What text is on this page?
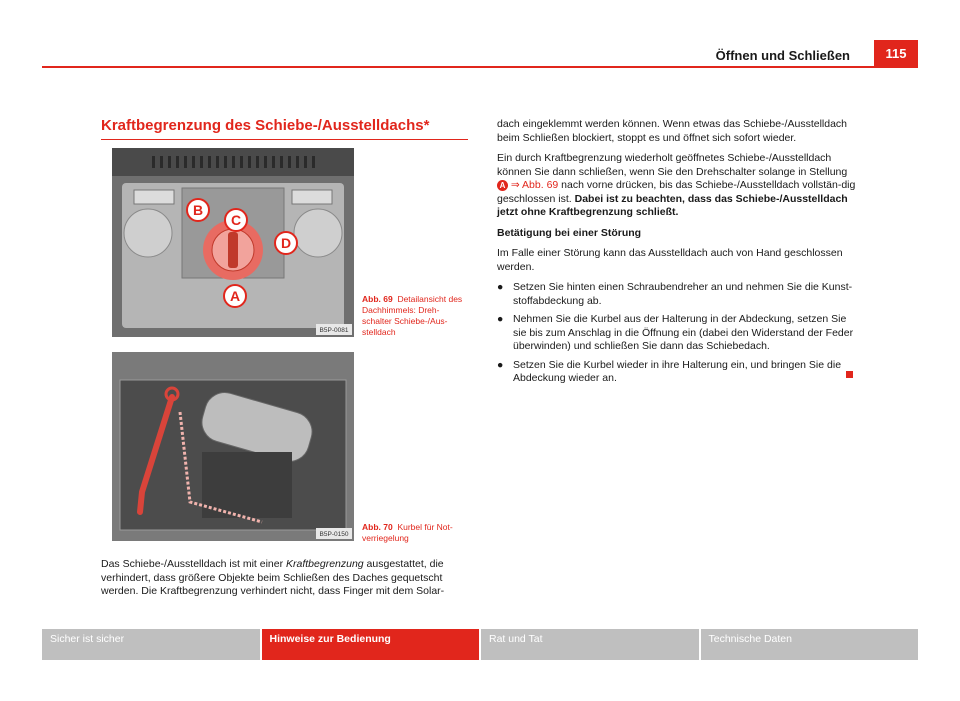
Öffnen und Schließen	115
Kraftbegrenzung des Schiebe-/Ausstelldachs*
C
B
D
A
B5P-0081
Abb. 69 Detailansicht des Dachhimmels: Dreh-schalter Schiebe-/Aus-stelldach
B5P-0150
Abb. 70 Kurbel für Not-verriegelung

Das Schiebe-/Ausstelldach ist mit einer Kraftbegrenzung ausgestattet, die verhindert, dass größere Objekte beim Schließen des Daches gequetscht werden. Die Kraftbegrenzung verhindert nicht, dass Finger mit dem Solar-

dach eingeklemmt werden können. Wenn etwas das Schiebe-/Ausstelldach beim Schließen blockiert, stoppt es und öffnet sich sofort wieder.

Ein durch Kraftbegrenzung wiederholt geöffnetes Schiebe-/Ausstelldach können Sie dann schließen, wenn Sie den Drehschalter solange in Stellung A ⇒ Abb. 69 nach vorne drücken, bis das Schiebe-/Ausstelldach vollstän-dig geschlossen ist. Dabei ist zu beachten, dass das Schiebe-/Ausstelldach jetzt ohne Kraftbegrenzung schließt.

Betätigung bei einer Störung

Im Falle einer Störung kann das Ausstelldach auch von Hand geschlossen werden.

● Setzen Sie hinten einen Schraubendreher an und nehmen Sie die Kunst-stoffabdeckung ab.
● Nehmen Sie die Kurbel aus der Halterung in der Abdeckung, setzen Sie sie bis zum Anschlag in die Öffnung ein (dabei den Widerstand der Feder überwinden) und schließen Sie dann das Schiebedach.
● Setzen Sie die Kurbel wieder in ihre Halterung ein, und bringen Sie die Abdeckung wieder an.
Sicher ist sicher	Hinweise zur Bedienung	Rat und Tat	Technische Daten
